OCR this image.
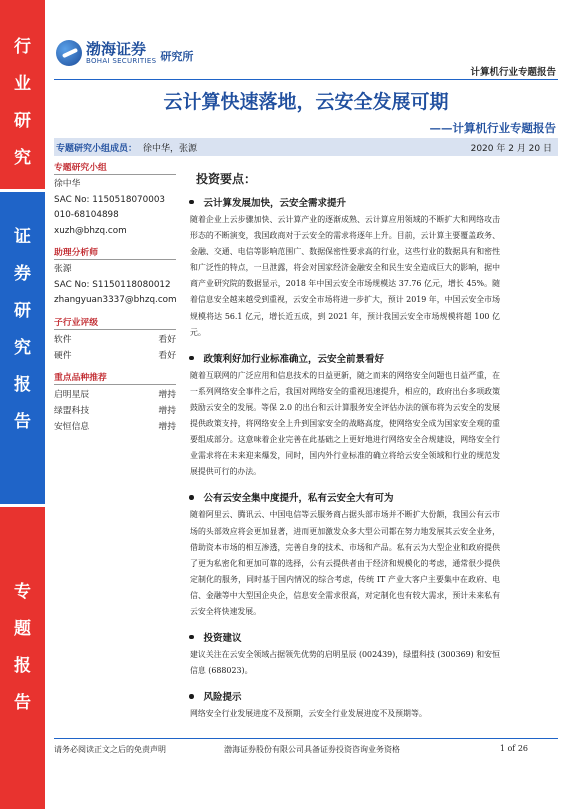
行
业
研
究
证
券
研
究
报
告
专
题
报
告
渤海证券
BOHAI SECURITIES 研究所
计算机行业专题报告
云计算快速落地，云安全发展可期
——计算机行业专题报告
专题研究小组成员： 徐中华，张源	2020 年 2 月 20 日
专题研究小组
徐中华
SAC No: 1150518070003
010-68104898
xuzh@bhzq.com
助理分析师
张源
SAC No: S1150118080012
zhangyuan3337@bhzq.com
子行业评级
软件	看好
硬件	看好
重点品种推荐
启明星辰	增持
绿盟科技	增持
安恒信息	增持
投资要点：
云计算发展加快，云安全需求提升

随着企业上云步骤加快、云计算产业的逐渐成熟、云计算应用领域的不断扩大和网络攻击形态的不断演变，我国政商对于云安全的需求将逐年上升。目前，云计算主要覆盖政务、金融、交通、电信等影响范围广、数据保密性要求高的行业，这些行业的数据具有和密性和广泛性的特点，一旦泄露，将会对国家经济金融安全和民生安全造成巨大的影响，据中商产业研究院的数据显示，2018 年中国云安全市场规模达 37.76 亿元，增长 45%。随着信息安全越来越受到重视，云安全市场将进一步扩大，预计 2019 年，中国云安全市场规模将达 56.1 亿元，增长近五成，到 2021 年，预计我国云安全市场规模将超 100 亿元。

政策利好加行业标准确立，云安全前景看好

随着互联网的广泛应用和信息技术的日益更新，随之而来的网络安全问题也日益严重，在一系列网络安全事件之后，我国对网络安全的重视迅速提升，相应的，政府出台多项政策鼓励云安全的发展。等保 2.0 的出台和云计算服务安全评估办法的颁布将为云安全的发展提供政策支持，将网络安全上升到国家安全的战略高度，使网络安全成为国家安全观的重要组成部分。这意味着企业完善在此基础之上更好地进行网络安全合规建设，网络安全行业需求将在未来迎来爆发，同时，国内外行业标准的确立将给云安全领域和行业的规范发展提供可行的办法。

公有云安全集中度提升，私有云安全大有可为

随着阿里云、腾讯云、中国电信等云服务商占据头部市场并不断扩大份额，我国公有云市场的头部效应将会更加显著，进而更加激发众多大型公司都在努力地发展其云安全业务，借助资本市场的相互渗透，完善自身的技术、市场和产品。私有云为大型企业和政府提供了更为私密化和更加可靠的选择，公有云提供者由于经济和规模化的考虑，通常很少提供定制化的服务，同时基于国内情况的综合考虑，传统 IT 产业大客户主要集中在政府、电信、金融等中大型国企央企，信息安全需求很高，对定制化也有较大需求，预计未来私有云安全将快速发展。

投资建议

建议关注在云安全领域占据领先优势的启明星辰 (002439)，绿盟科技 (300369) 和安恒信息 (688023)。

风险提示

网络安全行业发展进度不及预期，云安全行业发展进度不及预期等。

请务必阅读正文之后的免责声明	渤海证券股份有限公司具备证券投资咨询业务资格	1 of 26
